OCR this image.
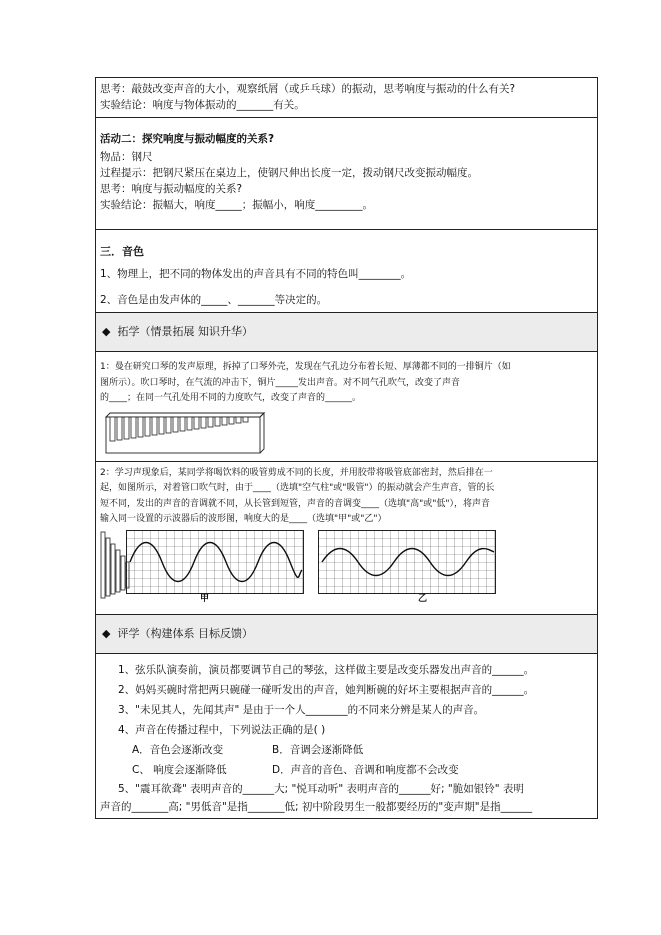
思考：敲鼓改变声音的大小，观察纸屑（或乒乓球）的振动，思考响度与振动的什么有关?
实验结论：响度与物体振动的_______有关。
活动二：探究响度与振动幅度的关系?
物品：钢尺
过程提示：把钢尺紧压在桌边上，使钢尺伸出长度一定，拨动钢尺改变振动幅度。
思考：响度与振动幅度的关系?
实验结论：振幅大，响度_____；振幅小，响度_________。
三．音色
1、物理上，把不同的物体发出的声音具有不同的特色叫________。
2、音色是由发声体的_____、_______等决定的。
◆ 拓学（情景拓展 知识升华）
1：曼在研究口琴的发声原理，拆掉了口琴外壳，发现在气孔边分布着长短、厚薄都不同的一排铜片（如
图所示）。吹口琴时，在气流的冲击下，铜片_____发出声音。对不同气孔吹气，改变了声音
的____；在同一气孔处用不同的力度吹气，改变了声音的______。
2：学习声现象后，某同学将喝饮料的吸管剪成不同的长度，并用胶带将吸管底部密封，然后排在一
起，如图所示，对着管口吹气时，由于____（选填"空气柱"或"吸管"）的振动就会产生声音，管的长
短不同，发出的声音的音调就不同，从长管到短管，声音的音调变____（选填"高"或"低"），将声音
输入同一设置的示波器后的波形图，响度大的是____（选填"甲"或"乙"）
甲	乙
◆ 评学（构建体系 目标反馈）
1、弦乐队演奏前，演员都要调节自己的琴弦，这样做主要是改变乐器发出声音的______。
2、妈妈买碗时常把两只碗碰一碰听发出的声音，她判断碗的好坏主要根据声音的______。
3、"未见其人，先闻其声" 是由于一个人________的不同来分辨是某人的声音。
4、声音在传播过程中，下列说法正确的是( )
A．音色会逐渐改变	B．音调会逐渐降低
C、 响度会逐渐降低	D．声音的音色、音调和响度都不会改变
5、"震耳欲聋" 表明声音的______大; "悦耳动听" 表明声音的______好; "脆如银铃" 表明
声音的_______高; "男低音"是指_______低; 初中阶段男生一般都要经历的"变声期"是指______
